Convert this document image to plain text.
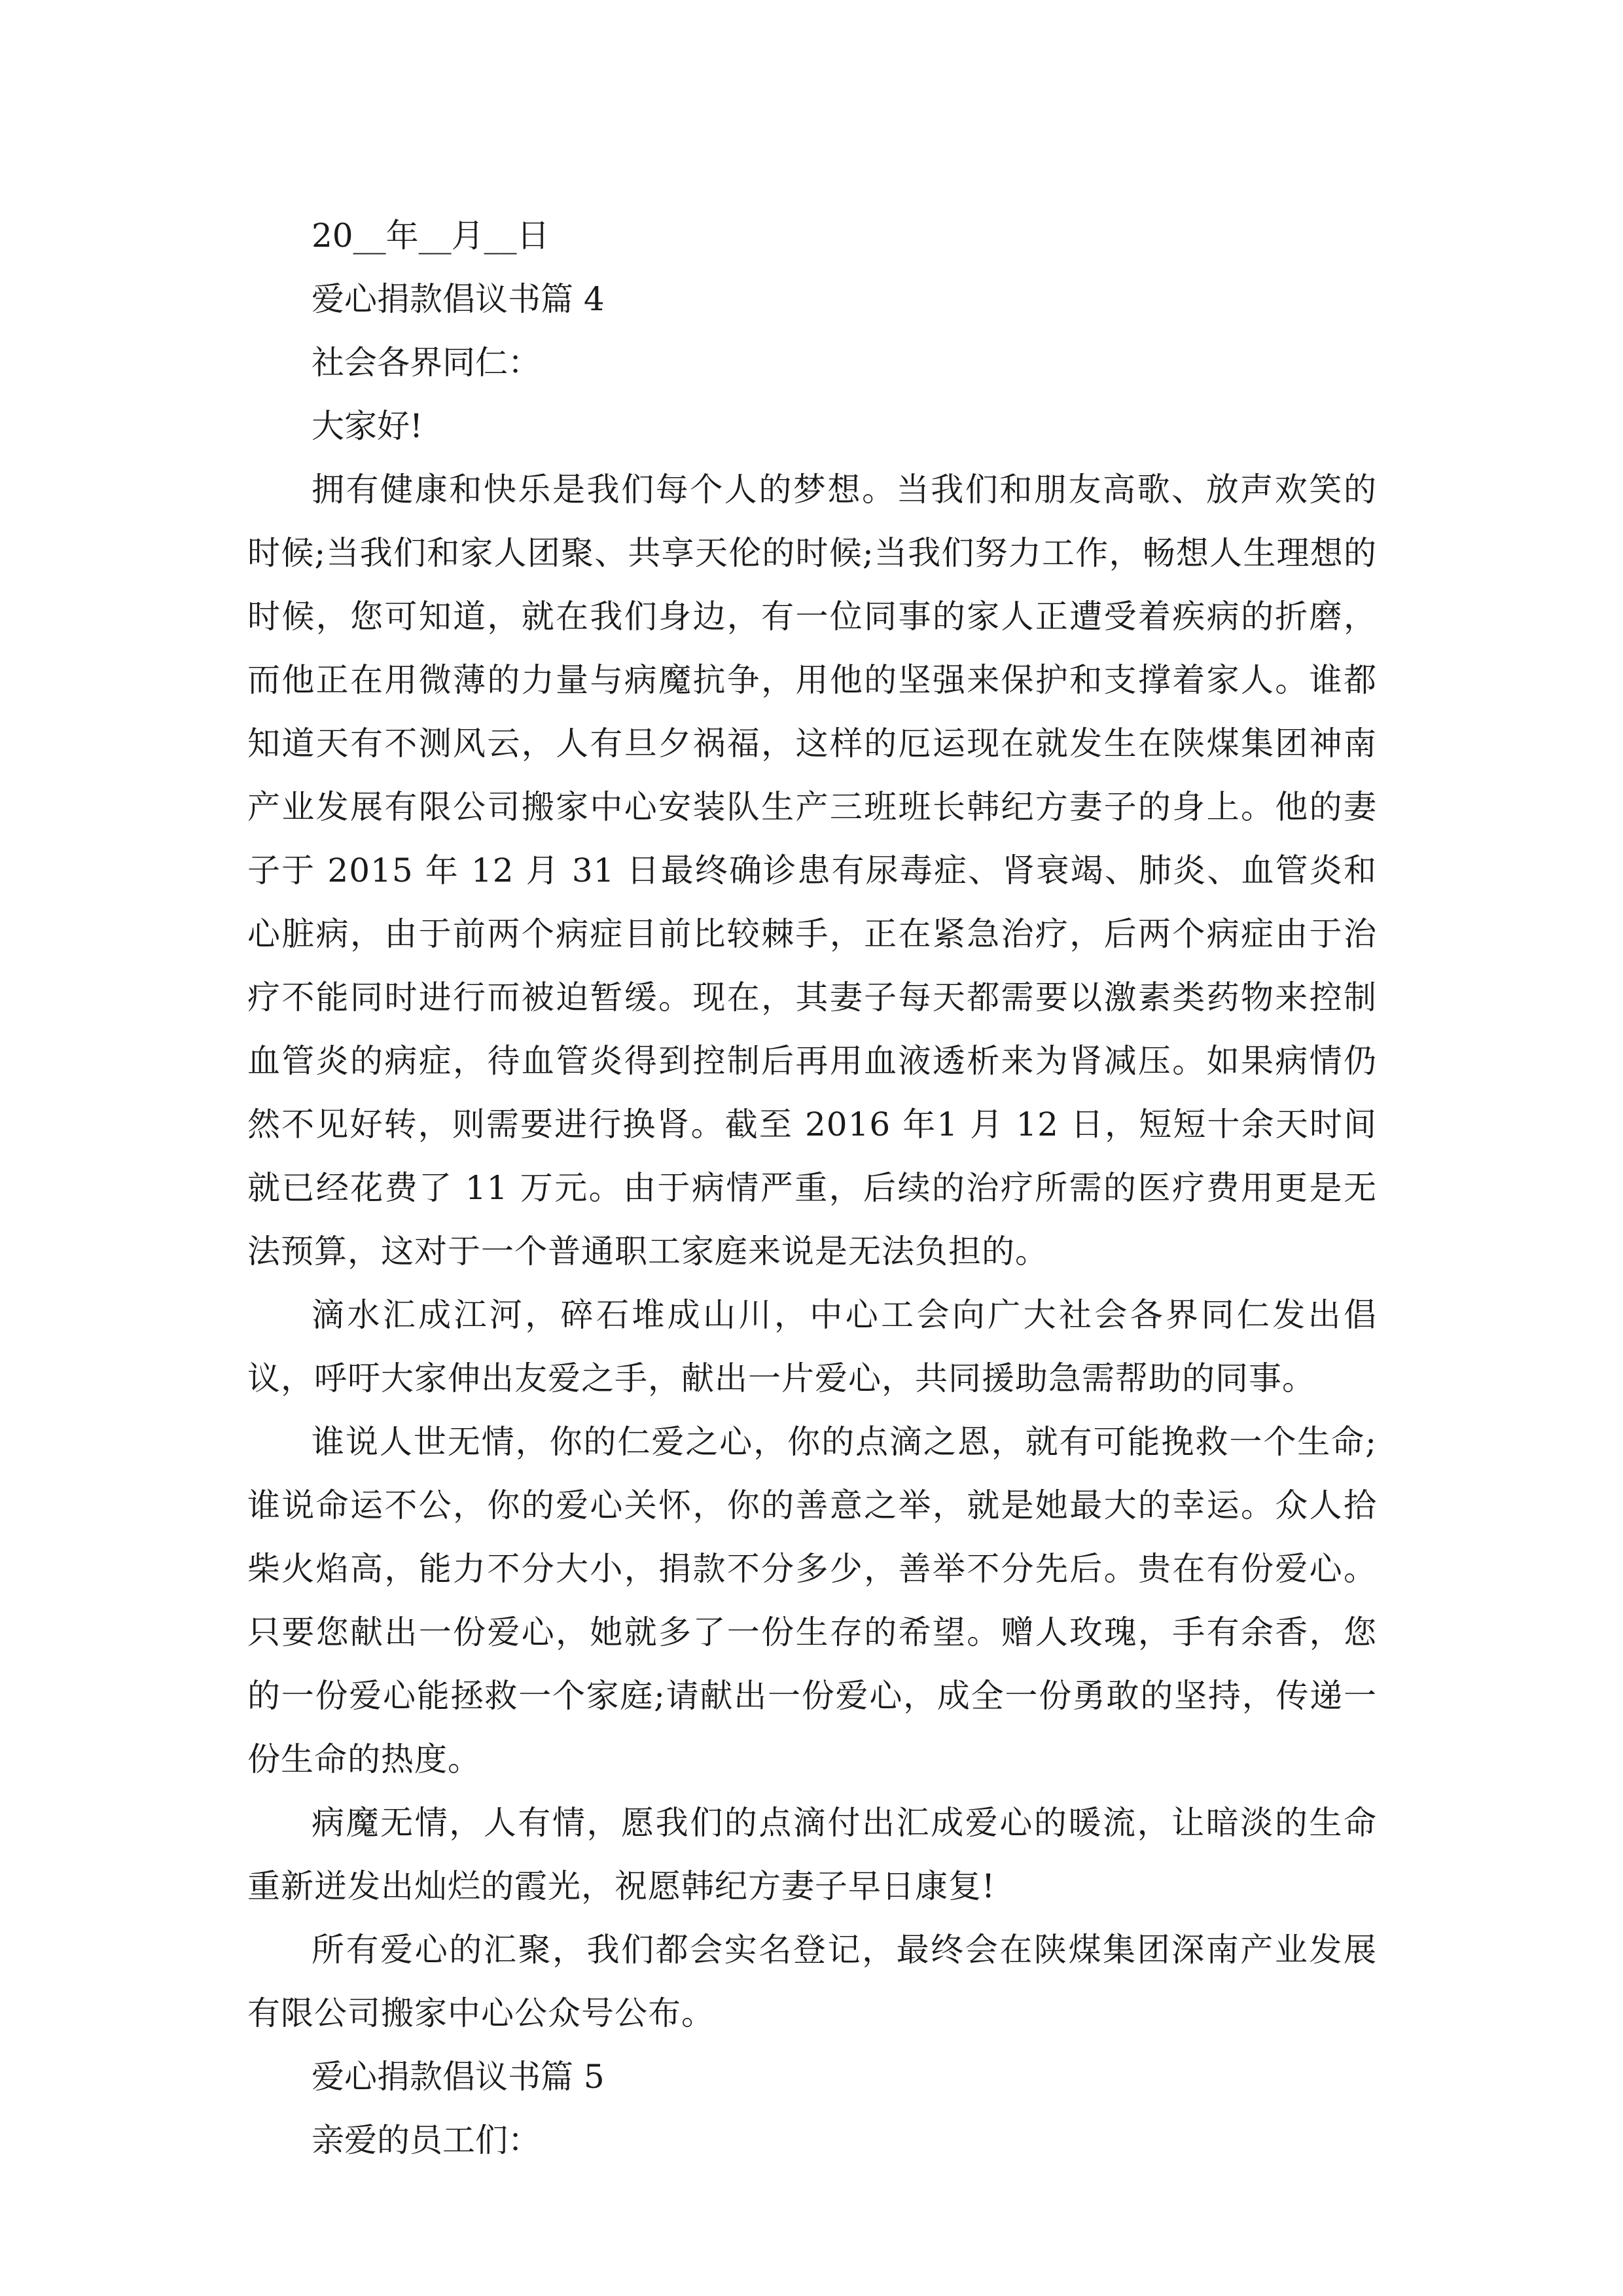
20__年__月__日

爱心捐款倡议书篇 4

社会各界同仁：

大家好!

拥有健康和快乐是我们每个人的梦想。当我们和朋友高歌、放声欢笑的时候;当我们和家人团聚、共享天伦的时候;当我们努力工作，畅想人生理想的时候，您可知道，就在我们身边，有一位同事的家人正遭受着疾病的折磨，而他正在用微薄的力量与病魔抗争，用他的坚强来保护和支撑着家人。谁都知道天有不测风云，人有旦夕祸福，这样的厄运现在就发生在陕煤集团神南产业发展有限公司搬家中心安装队生产三班班长韩纪方妻子的身上。他的妻子于 2015 年 12 月 31 日最终确诊患有尿毒症、肾衰竭、肺炎、血管炎和心脏病，由于前两个病症目前比较棘手，正在紧急治疗，后两个病症由于治疗不能同时进行而被迫暂缓。现在，其妻子每天都需要以激素类药物来控制血管炎的病症，待血管炎得到控制后再用血液透析来为肾减压。如果病情仍然不见好转，则需要进行换肾。截至 2016 年1 月 12 日，短短十余天时间就已经花费了 11 万元。由于病情严重，后续的治疗所需的医疗费用更是无法预算，这对于一个普通职工家庭来说是无法负担的。

滴水汇成江河，碎石堆成山川，中心工会向广大社会各界同仁发出倡议，呼吁大家伸出友爱之手，献出一片爱心，共同援助急需帮助的同事。

谁说人世无情，你的仁爱之心，你的点滴之恩，就有可能挽救一个生命;谁说命运不公，你的爱心关怀，你的善意之举，就是她最大的幸运。众人拾柴火焰高，能力不分大小，捐款不分多少，善举不分先后。贵在有份爱心。只要您献出一份爱心，她就多了一份生存的希望。赠人玫瑰，手有余香，您的一份爱心能拯救一个家庭;请献出一份爱心，成全一份勇敢的坚持，传递一份生命的热度。

病魔无情，人有情，愿我们的点滴付出汇成爱心的暖流，让暗淡的生命重新迸发出灿烂的霞光，祝愿韩纪方妻子早日康复!

所有爱心的汇聚，我们都会实名登记，最终会在陕煤集团深南产业发展有限公司搬家中心公众号公布。

爱心捐款倡议书篇 5

亲爱的员工们：
